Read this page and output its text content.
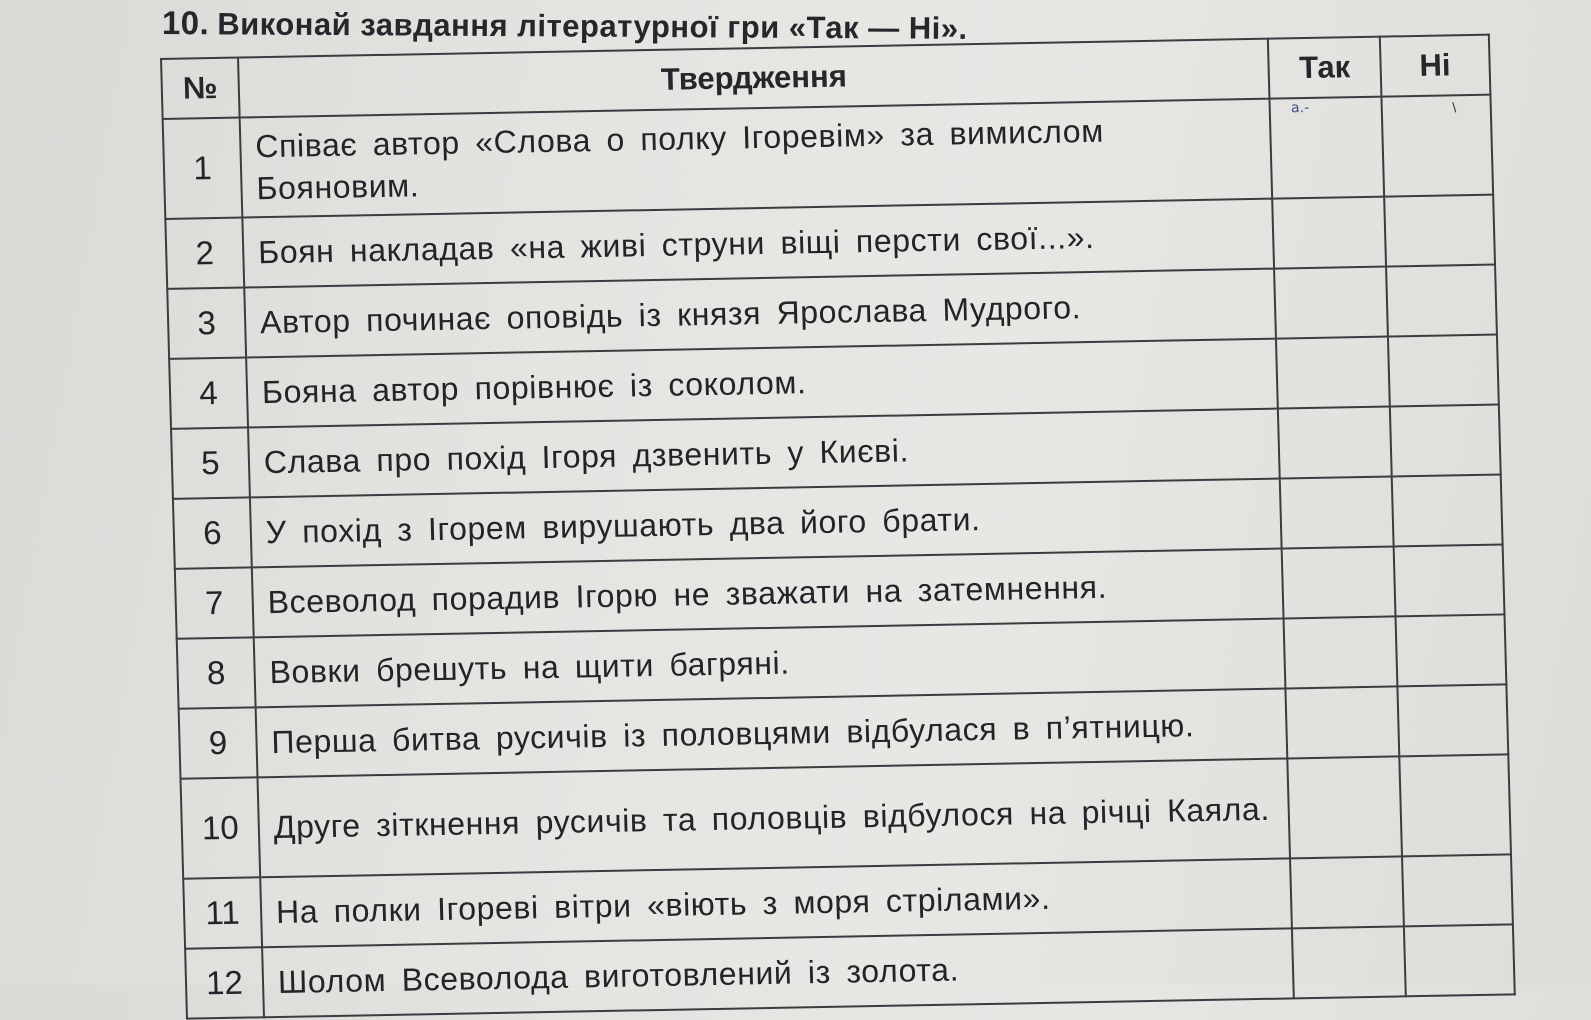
10. Виконай завдання літературної гри «Так — Ні».
№	Твердження	Так	Ні
1	Співає автор «Слова о полку Ігоревім» за вимислом Бояновим.	а.-	\
2	Боян накладав «на живі струни віщі персти свої...».		
3	Автор починає оповідь із князя Ярослава Мудрого.		
4	Бояна автор порівнює із соколом.		
5	Слава про похід Ігоря дзвенить у Києві.		
6	У похід з Ігорем вирушають два його брати.		
7	Всеволод порадив Ігорю не зважати на затемнення.		
8	Вовки брешуть на щити багряні.		
9	Перша битва русичів із половцями відбулася в п’ятницю.		
10	Друге зіткнення русичів та половців відбулося на річці Каяла.		
11	На полки Ігореві вітри «віють з моря стрілами».		
12	Шолом Всеволода виготовлений із золота.		
